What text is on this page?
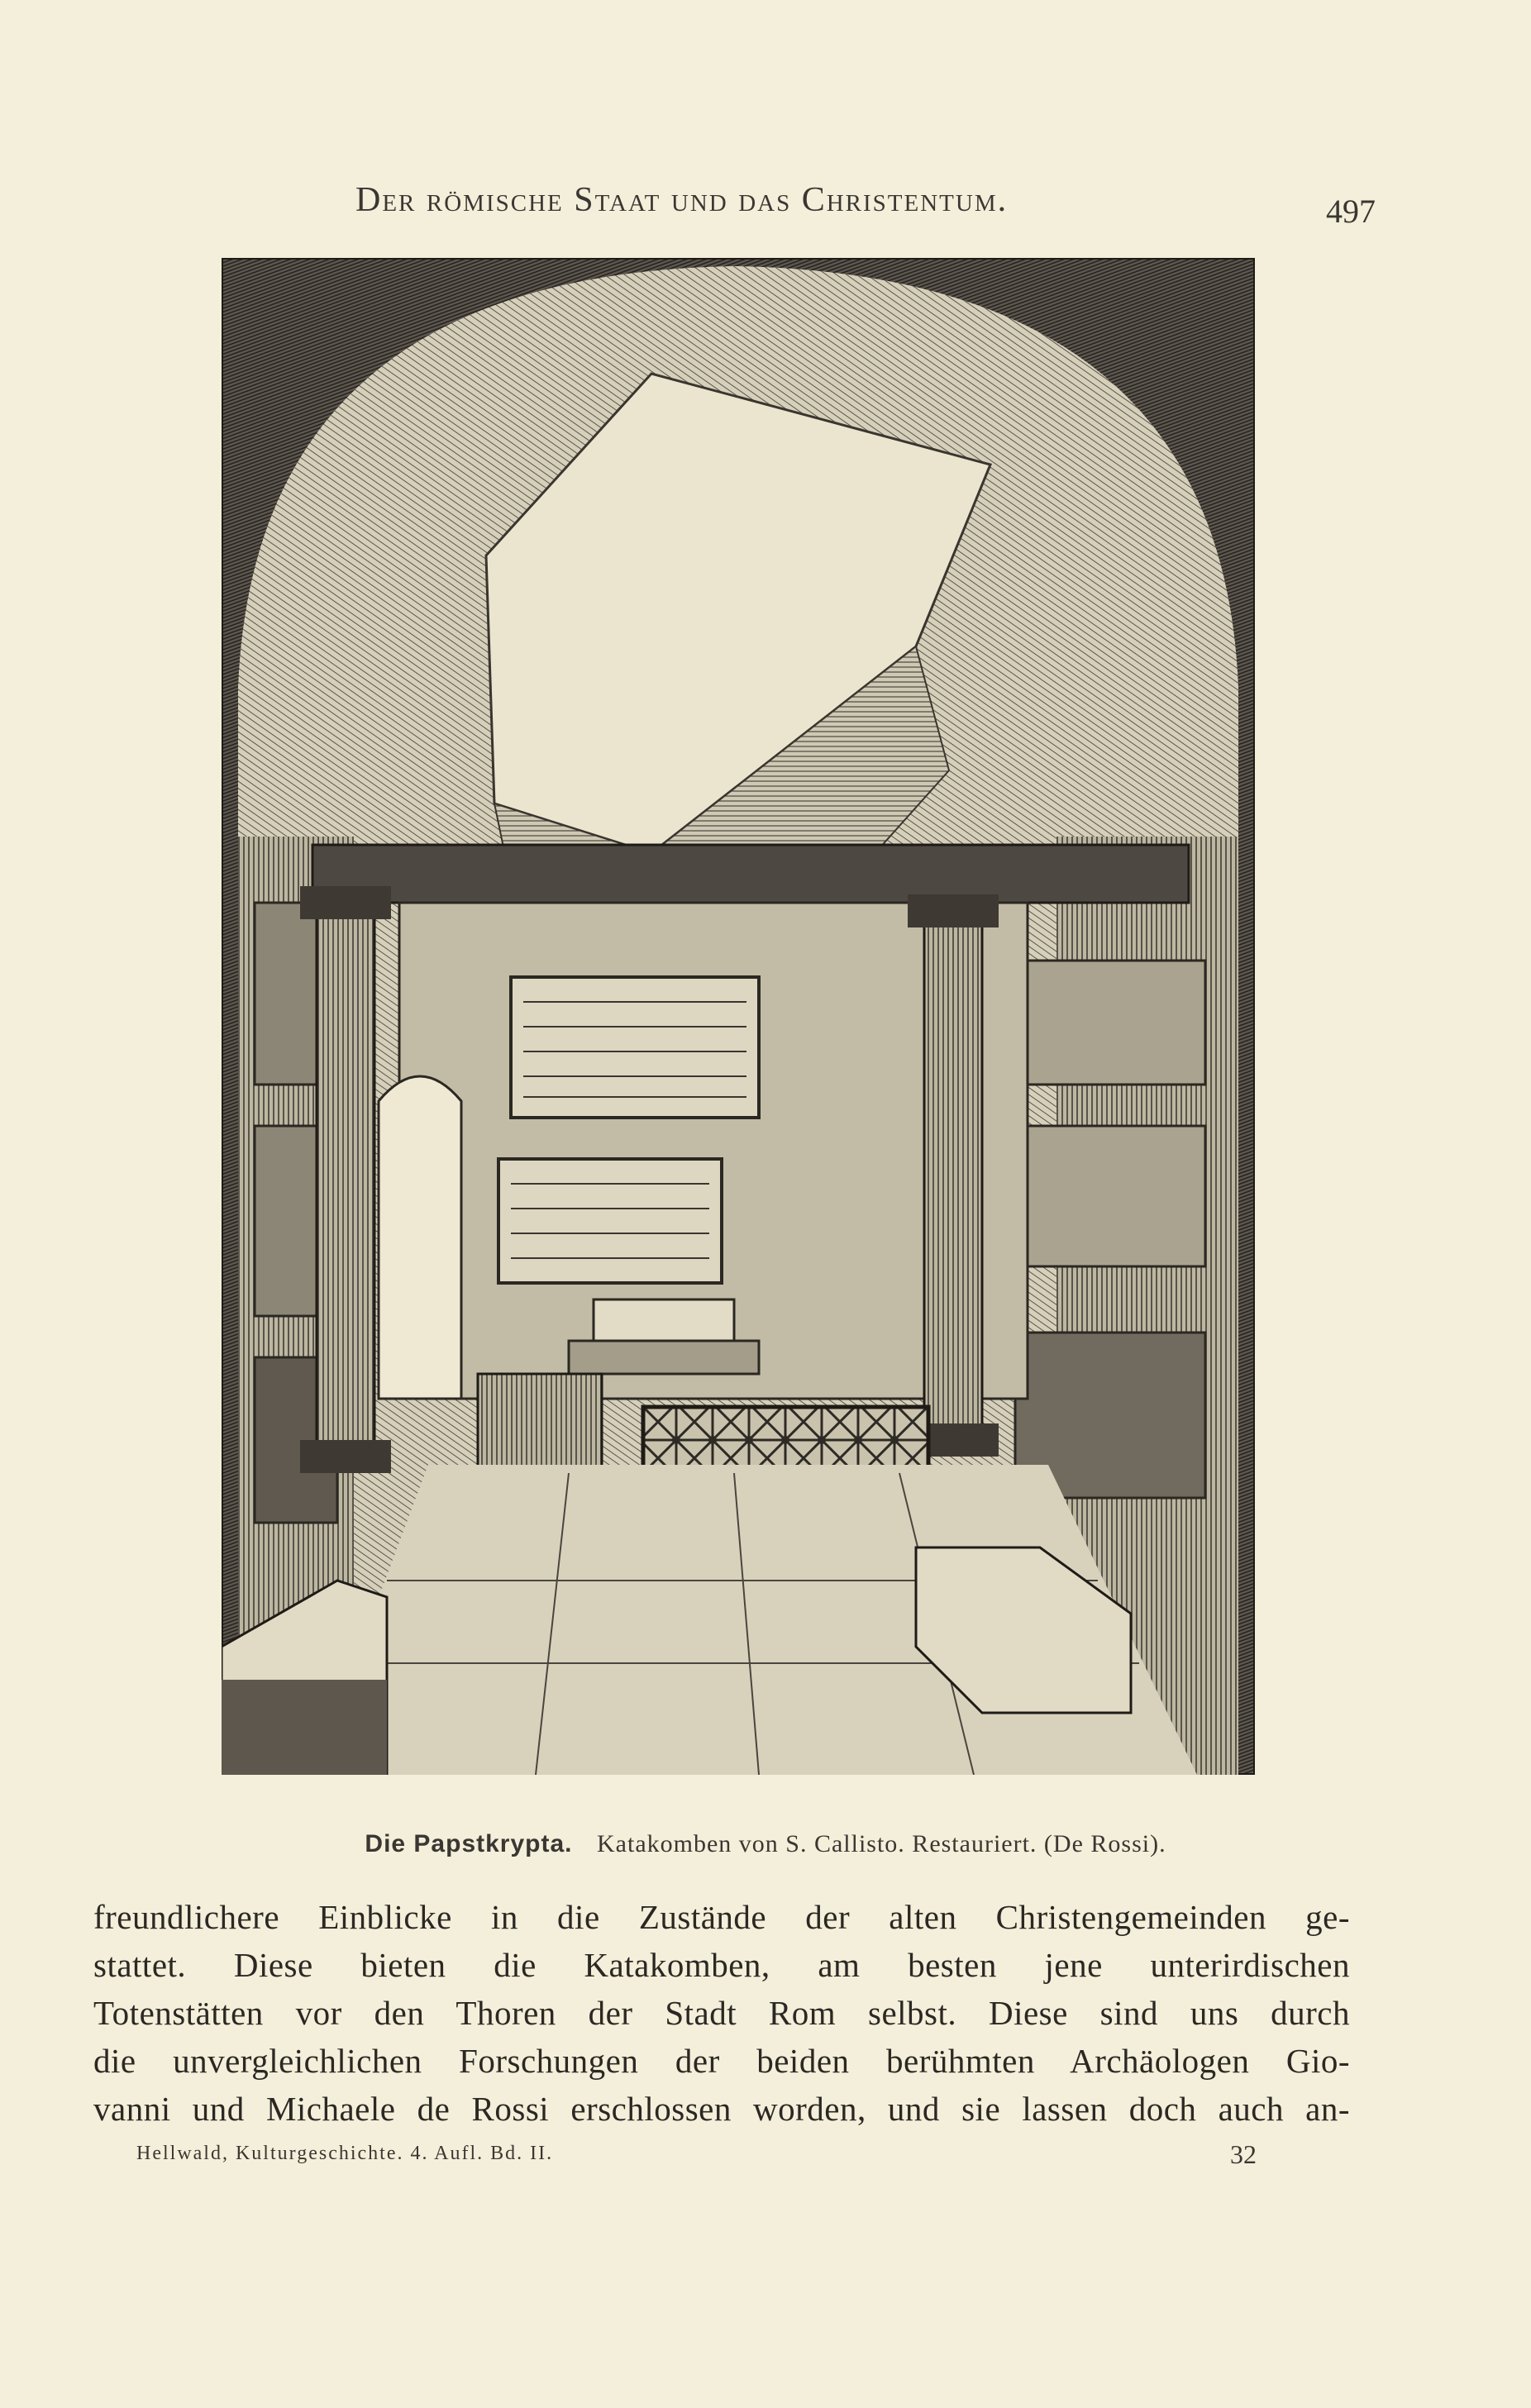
Der römische Staat und das Christentum.	497
Die Papstkrypta. Katakomben von S. Callisto. Restauriert. (De Rossi).
freundlichere Einblicke in die Zustände der alten Christengemeinden ge-
stattet. Diese bieten die Katakomben, am besten jene unterirdischen
Totenstätten vor den Thoren der Stadt Rom selbst. Diese sind uns durch
die unvergleichlichen Forschungen der beiden berühmten Archäologen Gio-
vanni und Michaele de Rossi erschlossen worden, und sie lassen doch auch an-
Hellwald, Kulturgeschichte. 4. Aufl. Bd. II.	32
